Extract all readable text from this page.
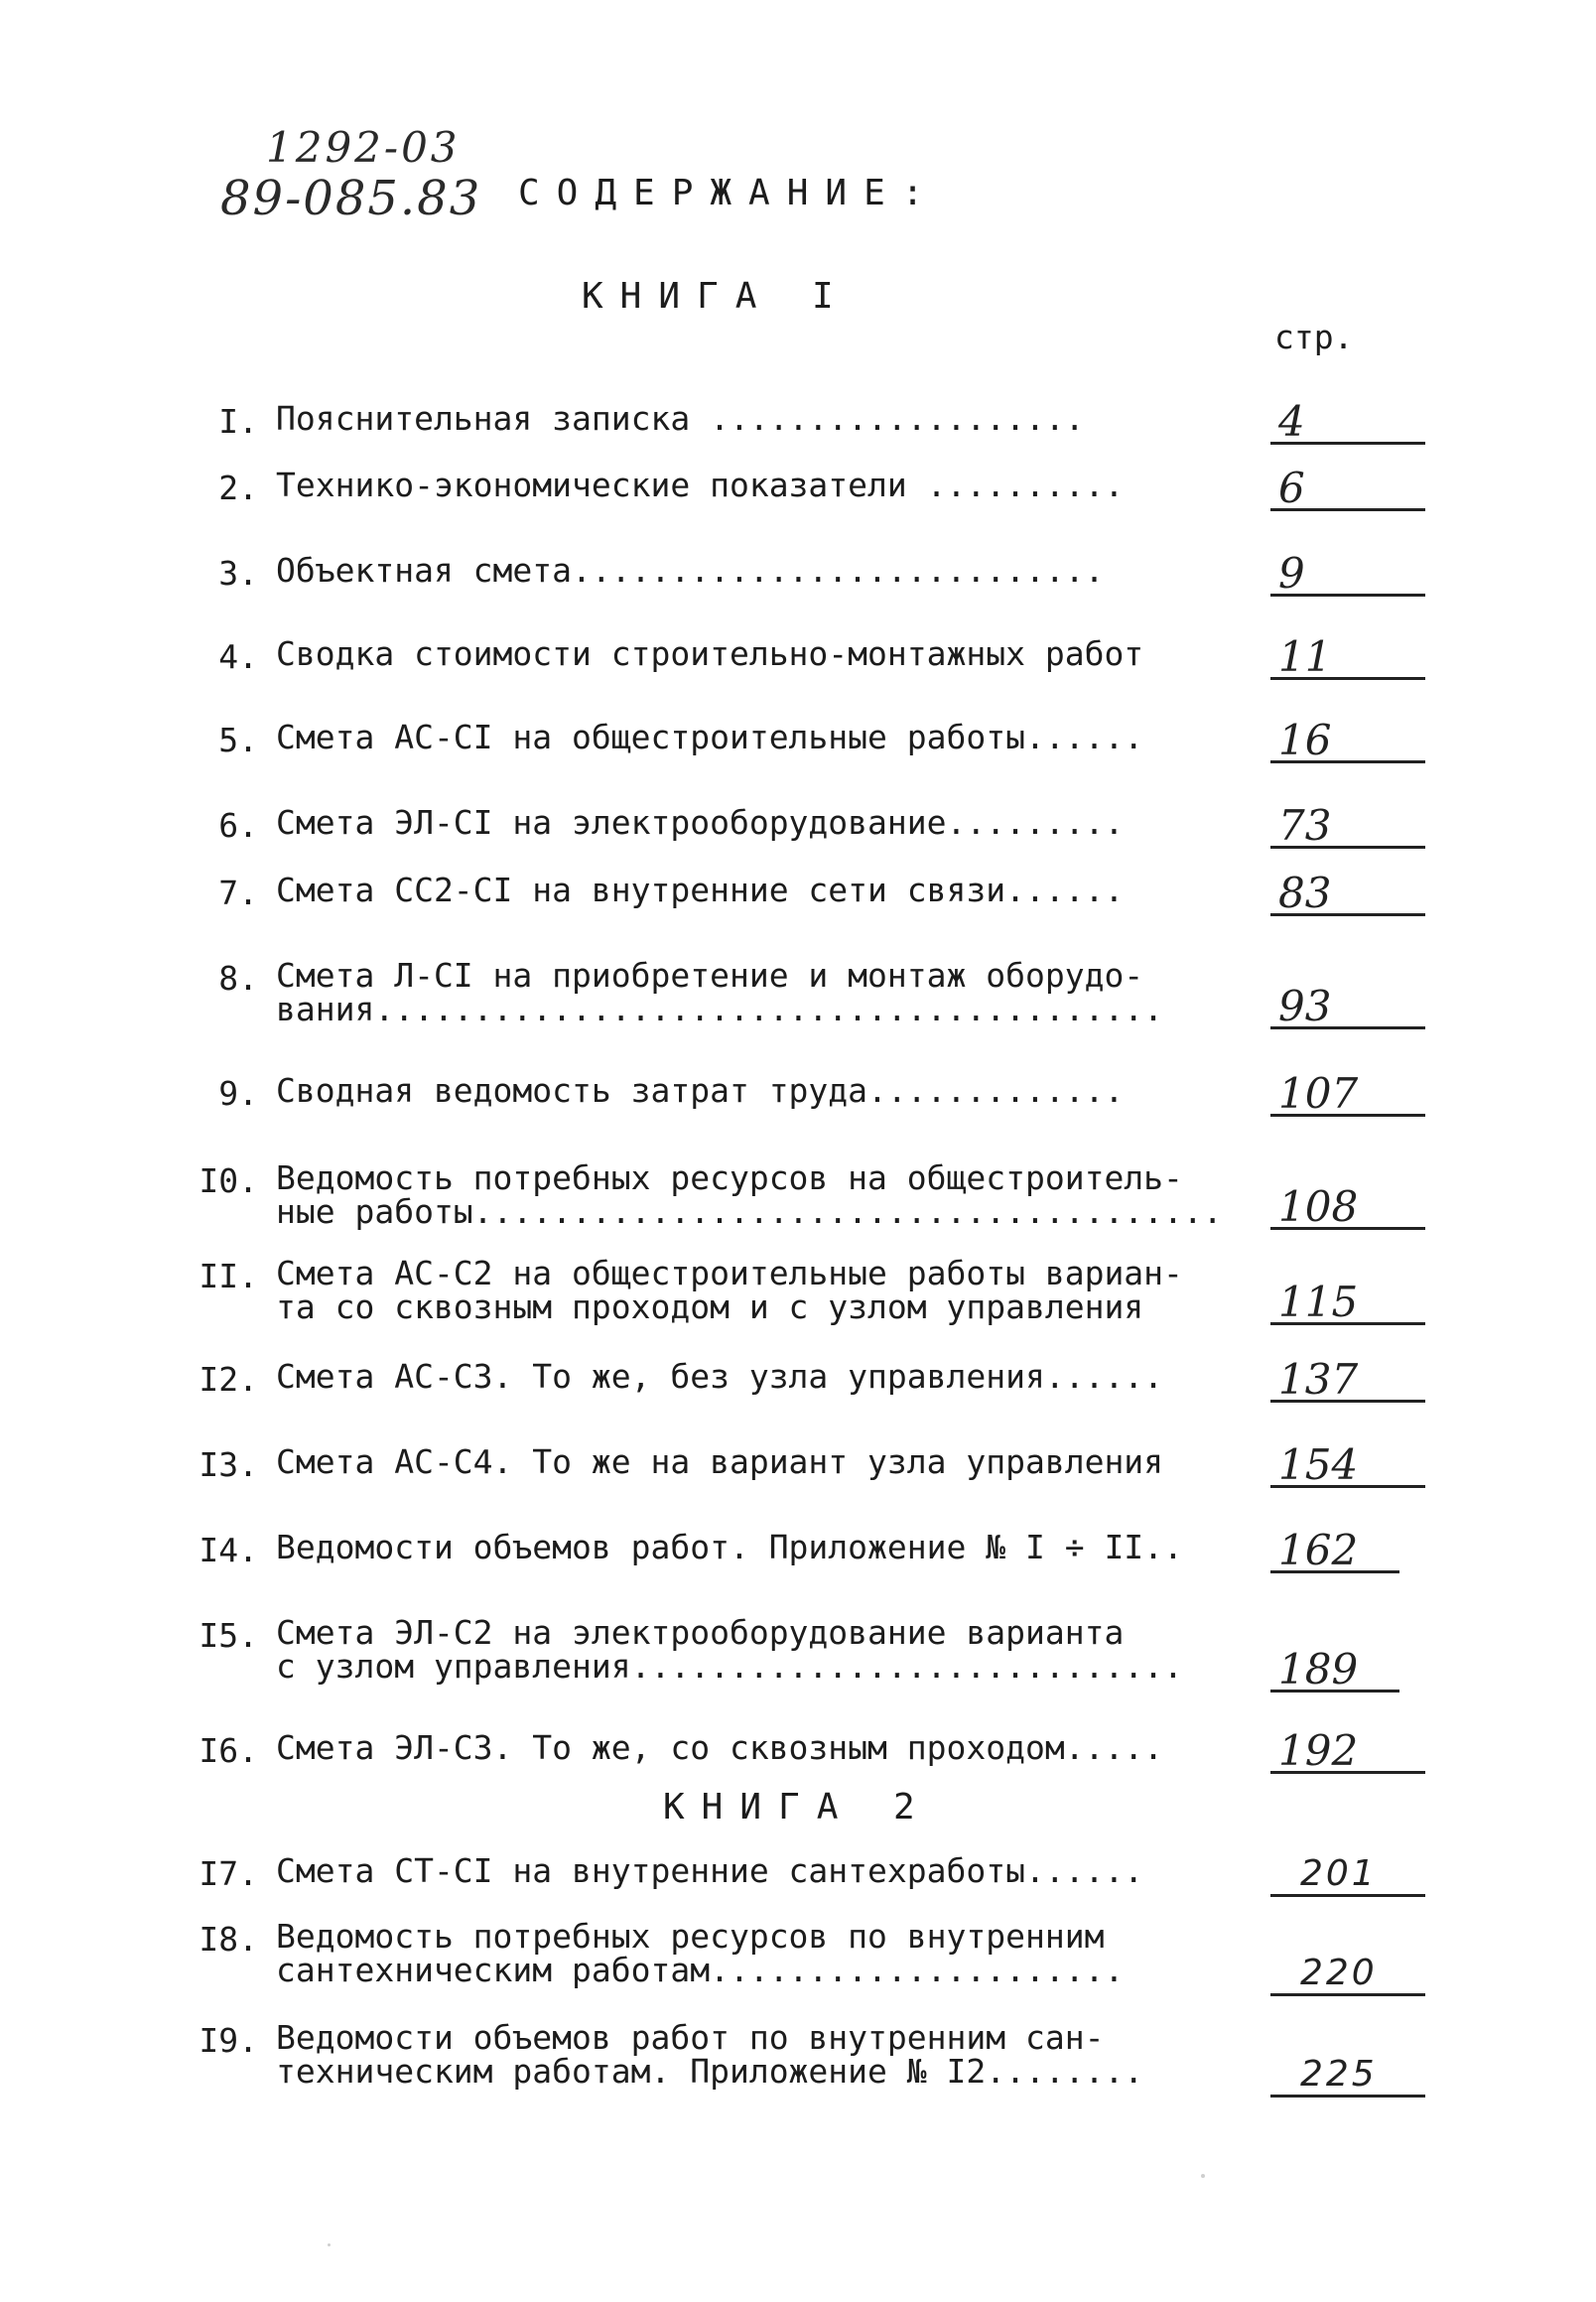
1292-03
89-085.83 СОДЕРЖАНИЕ:
КНИГА I
стр.
I. Пояснительная записка ...................	4
2. Технико-экономические показатели ..........	6
3. Объектная смета...........................	9
4. Сводка стоимости строительно-монтажных работ	11
5. Смета АС-СI на общестроительные работы......	16
6. Смета ЭЛ-СI на электрооборудование.........	73
7. Смета СС2-СI на внутренние сети связи......	83
8. Смета Л-СI на приобретение и монтаж оборудо-
вания........................................	93
9. Сводная ведомость затрат труда.............	107
I0. Ведомость потребных ресурсов на общестроитель-
ные работы...................................... 108
II. Смета АС-С2 на общестроительные работы вариан-
та со сквозным проходом и с узлом управления	115
I2. Смета АС-С3. То же, без узла управления......	137
I3. Смета АС-С4. То же на вариант узла управления	154
I4. Ведомости объемов работ. Приложение № I ÷ II.. 162
I5. Смета ЭЛ-С2 на электрооборудование варианта
с узлом управления............................ 189
I6. Смета ЭЛ-С3. То же, со сквозным проходом.....	192
КНИГА 2
I7. Смета СТ-СI на внутренние сантехработы......	201
I8. Ведомость потребных ресурсов по внутренним
сантехническим работам.....................	220
I9. Ведомости объемов работ по внутренним сан-
техническим работам. Приложение № I2........	225
